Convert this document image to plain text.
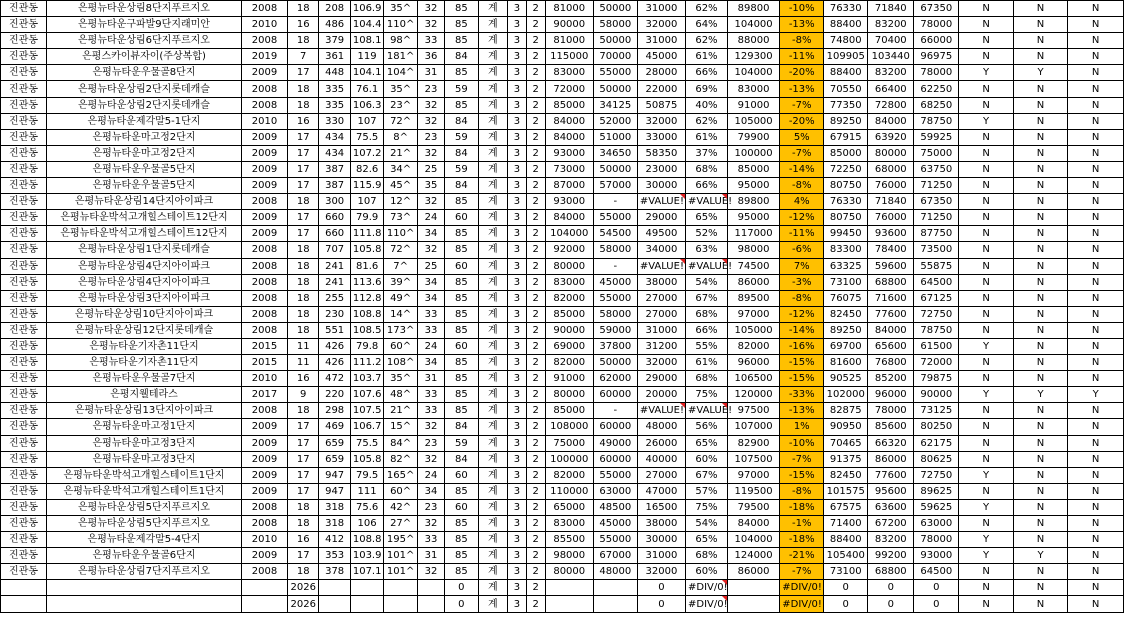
진관동	은평뉴타운상림8단지푸르지오	2008	18	208	106.9	35^	32	85	계	3	2	81000	50000	31000	62%	89800	-10%	76330	71840	67350	N	N	N
진관동	은평뉴타운구파발9단지래미안	2010	16	486	104.4	110^	32	85	계	3	2	90000	58000	32000	64%	104000	-13%	88400	83200	78000	N	N	N
진관동	은평뉴타운상림6단지푸르지오	2008	18	379	108.1	98^	33	85	계	3	2	81000	50000	31000	62%	88000	-8%	74800	70400	66000	N	N	N
진관동	은평스카이뷰자이(주상복합)	2019	7	361	119	181^	36	84	계	3	2	115000	70000	45000	61%	129300	-11%	109905	103440	96975	N	N	N
진관동	은평뉴타운우물골8단지	2009	17	448	104.1	104^	31	85	계	3	2	83000	55000	28000	66%	104000	-20%	88400	83200	78000	Y	Y	N
진관동	은평뉴타운상림2단지롯데캐슬	2008	18	335	76.1	35^	23	59	계	3	2	72000	50000	22000	69%	83000	-13%	70550	66400	62250	N	N	N
진관동	은평뉴타운상림2단지롯데캐슬	2008	18	335	106.3	23^	32	85	계	3	2	85000	34125	50875	40%	91000	-7%	77350	72800	68250	N	N	N
진관동	은평뉴타운제각말5-1단지	2010	16	330	107	72^	32	84	계	3	2	84000	52000	32000	62%	105000	-20%	89250	84000	78750	Y	N	N
진관동	은평뉴타운마고정2단지	2009	17	434	75.5	8^	23	59	계	3	2	84000	51000	33000	61%	79900	5%	67915	63920	59925	N	N	N
진관동	은평뉴타운마고정2단지	2009	17	434	107.2	21^	32	84	계	3	2	93000	34650	58350	37%	100000	-7%	85000	80000	75000	N	N	N
진관동	은평뉴타운우물골5단지	2009	17	387	82.6	34^	25	59	계	3	2	73000	50000	23000	68%	85000	-14%	72250	68000	63750	N	N	N
진관동	은평뉴타운우물골5단지	2009	17	387	115.9	45^	35	84	계	3	2	87000	57000	30000	66%	95000	-8%	80750	76000	71250	N	N	N
진관동	은평뉴타운상림14단지아이파크	2008	18	300	107	12^	32	85	계	3	2	93000	-	#VALUE!	#VALUE!	89800	4%	76330	71840	67350	N	N	N
진관동	은평뉴타운박석고개힐스테이트12단지	2009	17	660	79.9	73^	24	60	계	3	2	84000	55000	29000	65%	95000	-12%	80750	76000	71250	N	N	N
진관동	은평뉴타운박석고개힐스테이트12단지	2009	17	660	111.8	110^	34	85	계	3	2	104000	54500	49500	52%	117000	-11%	99450	93600	87750	N	N	N
진관동	은평뉴타운상림1단지롯데캐슬	2008	18	707	105.8	72^	32	85	계	3	2	92000	58000	34000	63%	98000	-6%	83300	78400	73500	N	N	N
진관동	은평뉴타운상림4단지아이파크	2008	18	241	81.6	7^	25	60	계	3	2	80000	-	#VALUE!	#VALUE!	74500	7%	63325	59600	55875	N	N	N
진관동	은평뉴타운상림4단지아이파크	2008	18	241	113.6	39^	34	85	계	3	2	83000	45000	38000	54%	86000	-3%	73100	68800	64500	N	N	N
진관동	은평뉴타운상림3단지아이파크	2008	18	255	112.8	49^	34	85	계	3	2	82000	55000	27000	67%	89500	-8%	76075	71600	67125	N	N	N
진관동	은평뉴타운상림10단지아이파크	2008	18	230	108.8	14^	33	85	계	3	2	85000	58000	27000	68%	97000	-12%	82450	77600	72750	N	N	N
진관동	은평뉴타운상림12단지롯데캐슬	2008	18	551	108.5	173^	33	85	계	3	2	90000	59000	31000	66%	105000	-14%	89250	84000	78750	N	N	N
진관동	은평뉴타운기자촌11단지	2015	11	426	79.8	60^	24	60	계	3	2	69000	37800	31200	55%	82000	-16%	69700	65600	61500	Y	N	N
진관동	은평뉴타운기자촌11단지	2015	11	426	111.2	108^	34	85	계	3	2	82000	50000	32000	61%	96000	-15%	81600	76800	72000	N	N	N
진관동	은평뉴타운우물골7단지	2010	16	472	103.7	35^	31	85	계	3	2	91000	62000	29000	68%	106500	-15%	90525	85200	79875	N	N	N
진관동	은평지웰테라스	2017	9	220	107.6	48^	33	85	계	3	2	80000	60000	20000	75%	120000	-33%	102000	96000	90000	Y	Y	Y
진관동	은평뉴타운상림13단지아이파크	2008	18	298	107.5	21^	33	85	계	3	2	85000	-	#VALUE!	#VALUE!	97500	-13%	82875	78000	73125	N	N	N
진관동	은평뉴타운마고정1단지	2009	17	469	106.7	15^	32	84	계	3	2	108000	60000	48000	56%	107000	1%	90950	85600	80250	N	N	N
진관동	은평뉴타운마고정3단지	2009	17	659	75.5	84^	23	59	계	3	2	75000	49000	26000	65%	82900	-10%	70465	66320	62175	N	N	N
진관동	은평뉴타운마고정3단지	2009	17	659	105.8	82^	32	84	계	3	2	100000	60000	40000	60%	107500	-7%	91375	86000	80625	N	N	N
진관동	은평뉴타운박석고개힐스테이트1단지	2009	17	947	79.5	165^	24	60	계	3	2	82000	55000	27000	67%	97000	-15%	82450	77600	72750	Y	N	N
진관동	은평뉴타운박석고개힐스테이트1단지	2009	17	947	111	60^	34	85	계	3	2	110000	63000	47000	57%	119500	-8%	101575	95600	89625	N	N	N
진관동	은평뉴타운상림5단지푸르지오	2008	18	318	75.6	42^	23	60	계	3	2	65000	48500	16500	75%	79500	-18%	67575	63600	59625	Y	N	N
진관동	은평뉴타운상림5단지푸르지오	2008	18	318	106	27^	32	85	계	3	2	83000	45000	38000	54%	84000	-1%	71400	67200	63000	N	N	N
진관동	은평뉴타운제각말5-4단지	2010	16	412	108.8	195^	33	85	계	3	2	85500	55000	30000	65%	104000	-18%	88400	83200	78000	Y	N	N
진관동	은평뉴타운우물골6단지	2009	17	353	103.9	101^	31	85	계	3	2	98000	67000	31000	68%	124000	-21%	105400	99200	93000	Y	Y	N
진관동	은평뉴타운상림7단지푸르지오	2008	18	378	107.1	101^	32	85	계	3	2	80000	48000	32000	60%	86000	-7%	73100	68800	64500	N	N	N
			2026					0	계	3	2			0	#DIV/0!		#DIV/0!	0	0	0	N	N	N
			2026					0	계	3	2			0	#DIV/0!		#DIV/0!	0	0	0	N	N	N
